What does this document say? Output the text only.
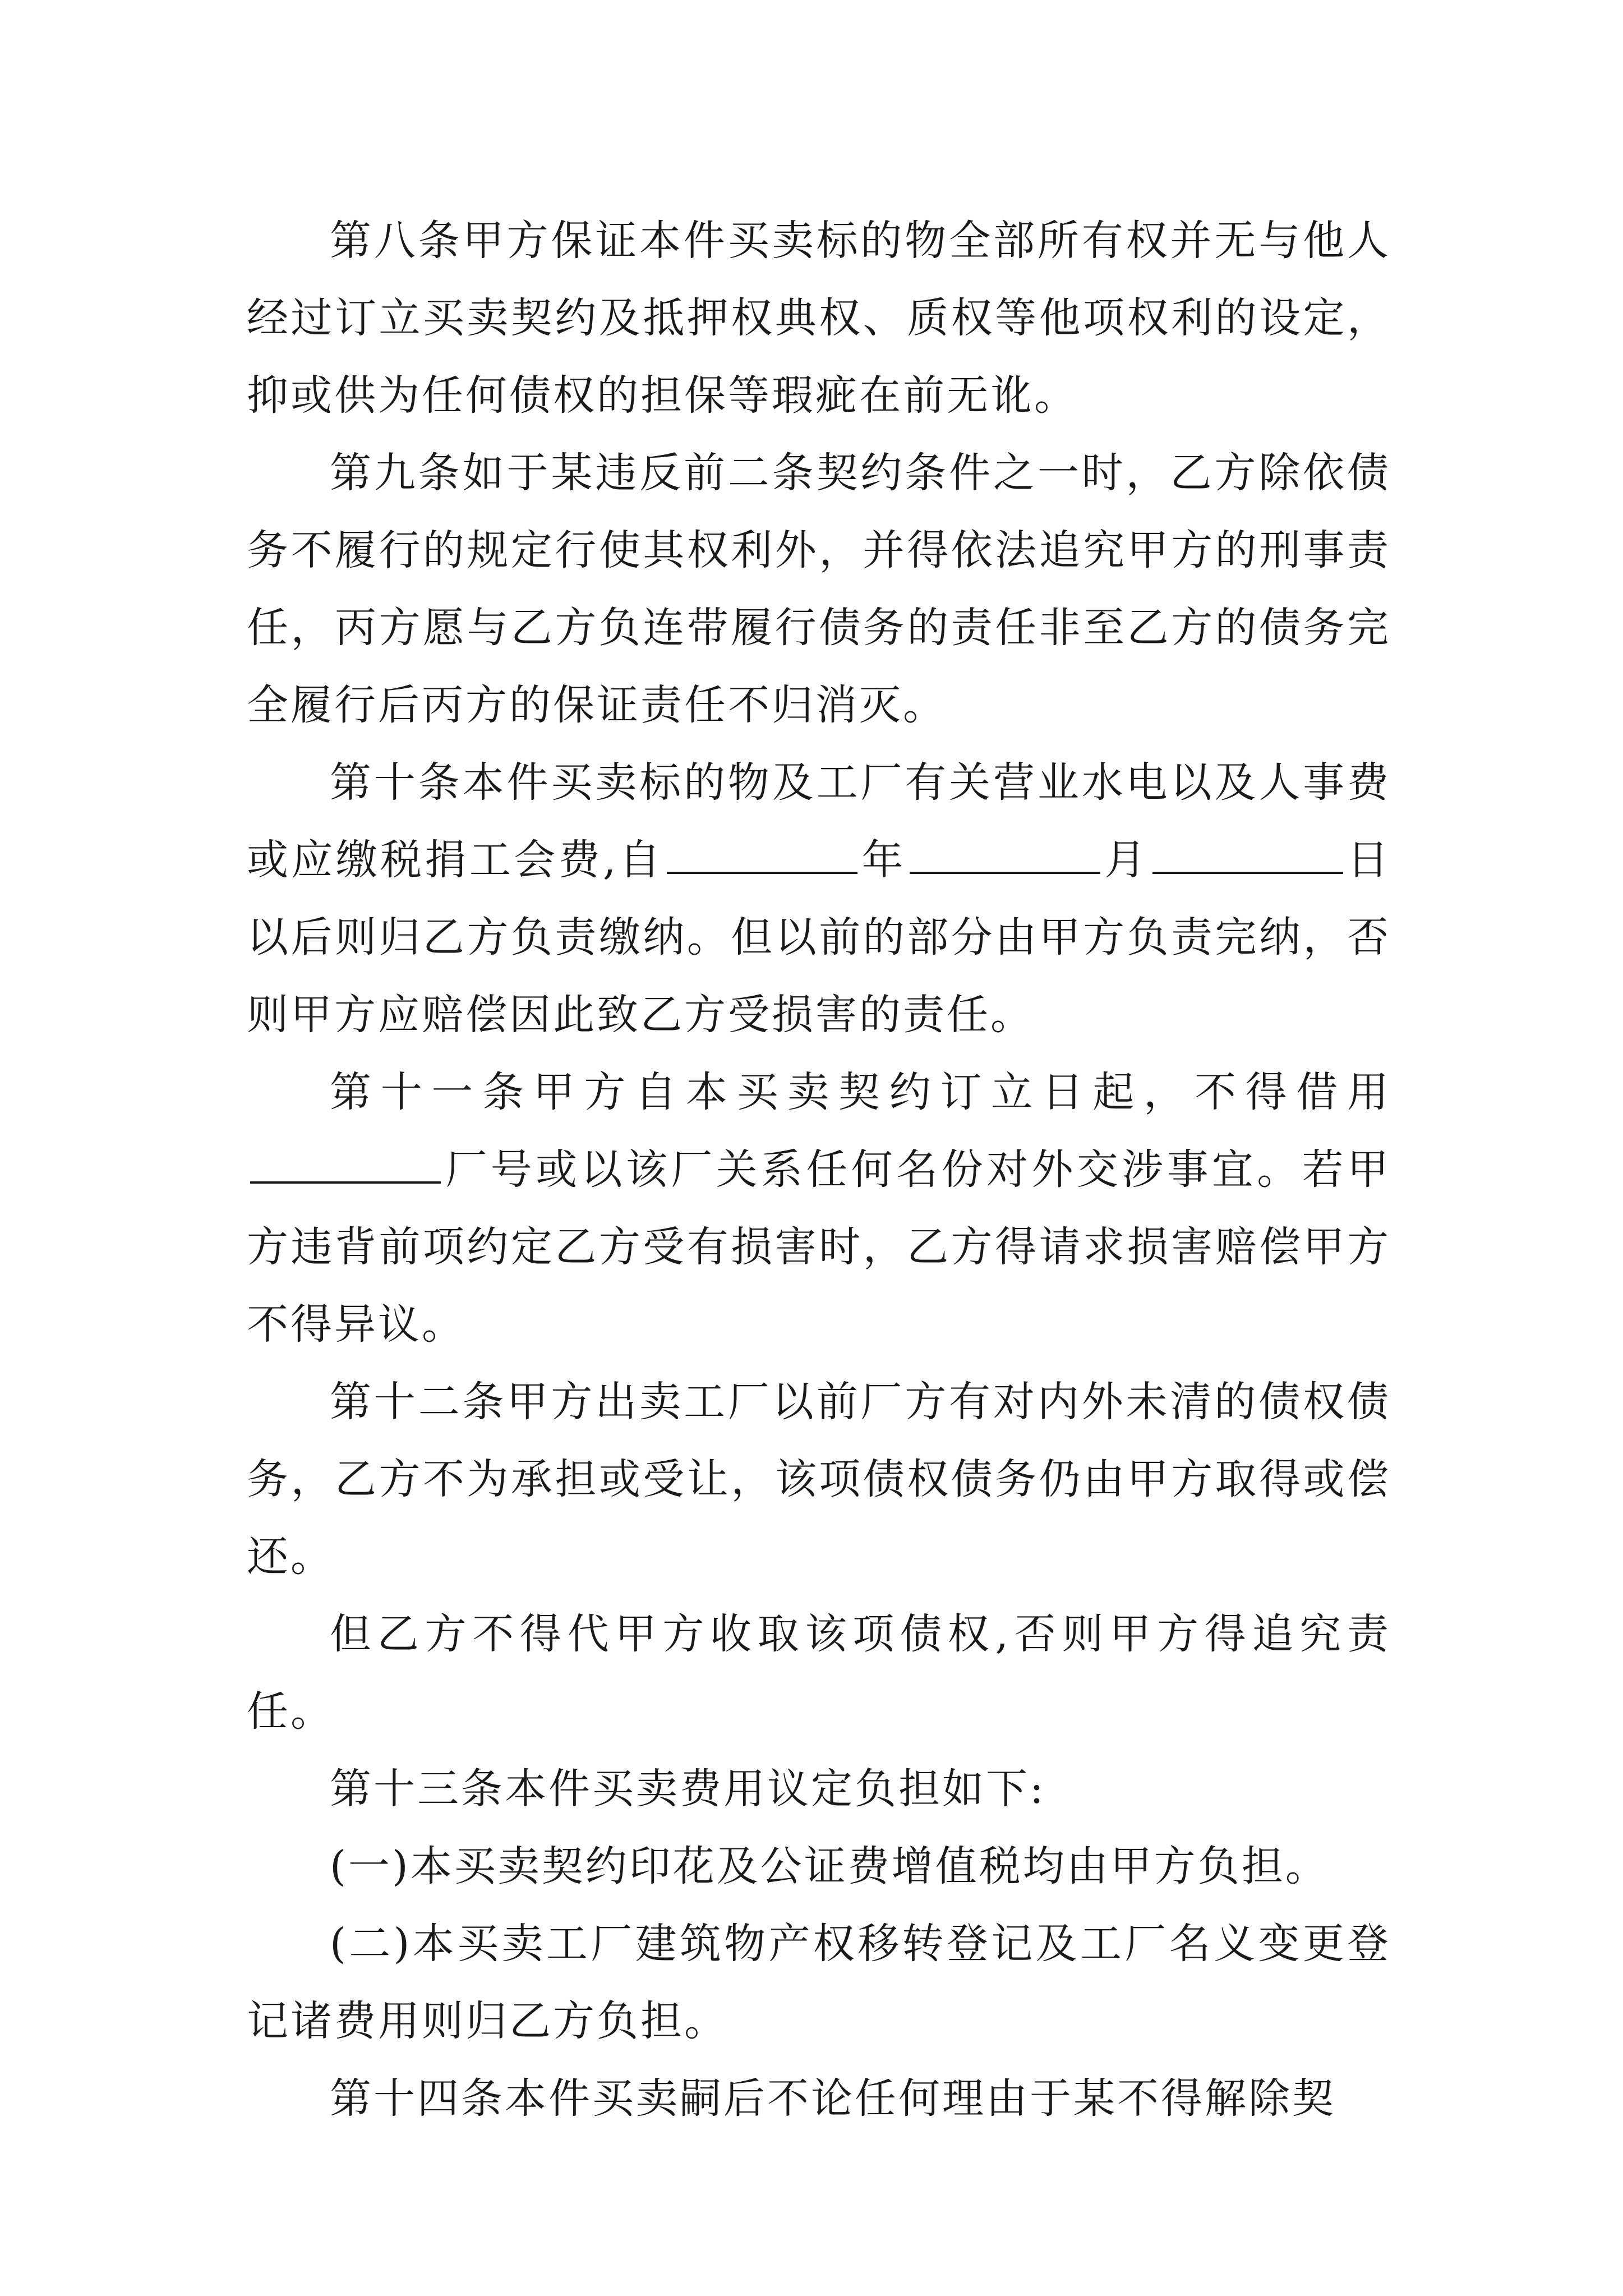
第八条甲方保证本件买卖标的物全部所有权并无与他人经过订立买卖契约及抵押权典权、质权等他项权利的设定，抑或供为任何债权的担保等瑕疵在前无讹。

第九条如于某违反前二条契约条件之一时，乙方除依债务不履行的规定行使其权利外，并得依法追究甲方的刑事责任，丙方愿与乙方负连带履行债务的责任非至乙方的债务完全履行后丙方的保证责任不归消灭。

第十条本件买卖标的物及工厂有关营业水电以及人事费或应缴税捐工会费,自	年	月	日以后则归乙方负责缴纳。但以前的部分由甲方负责完纳，否则甲方应赔偿因此致乙方受损害的责任。

第十一条甲方自本买卖契约订立日起，不得借用厂号或以该厂关系任何名份对外交涉事宜。若甲方违背前项约定乙方受有损害时，乙方得请求损害赔偿甲方不得异议。

第十二条甲方出卖工厂以前厂方有对内外未清的债权债务，乙方不为承担或受让，该项债权债务仍由甲方取得或偿还。

但乙方不得代甲方收取该项债权,否则甲方得追究责任。

第十三条本件买卖费用议定负担如下:

(一)本买卖契约印花及公证费增值税均由甲方负担。

(二)本买卖工厂建筑物产权移转登记及工厂名义变更登记诸费用则归乙方负担。

第十四条本件买卖嗣后不论任何理由于某不得解除契
